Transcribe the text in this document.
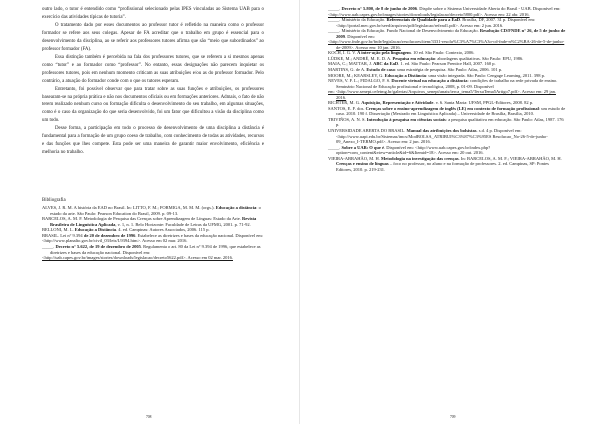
outro lado, o tutor é entendido como “profissional selecionado pelas IPES vinculadas ao Sistema UAB para o exercício das atividades típicas de tutoria”.

O tratamento dado por esses documentos ao professor tutor é refletido na maneira como o professor formador se refere aos seus colegas. Apesar de FA acreditar que o trabalho em grupo é essencial para o desenvolvimento da disciplina, ao se referir aos professores tutores afirma que são “meio que subordinados” ao professor formador (FA).

Essa distinção também é percebida na fala dos professores tutores, que se referem a si mesmos apenas como “tutor” e ao formador como “professor”. No entanto, essas designações não parecem inquietar os professores tutores, pois em nenhum momento criticam as suas atribuições e/ou as do professor formador. Pelo contrário, a atuação do formador conde com o que os tutores esperam.

Entretanto, foi possível observar que para tratar sobre as suas funções e atribuições, os professores basearam-se na própria prática e não nos documentos oficiais ou em formações anteriores. Admais, o fato de não terem realizado nenhum curso ou formação dificulta o desenvolvimento do seu trabalho, em algumas situações, como é o caso da organização do que seria desenvolvido, foi um fator que dificultou a visão da disciplina como um todo.

Desse forma, a participação em todo o processo de desenvolvimento de uma disciplina a distância é fundamental para a formação de um grupo coeso de trabalho, com conhecimento de todas as atividades, recursos e das funções que lhes compete. Esta pode ser uma maneira de garantir maior envolvimento, eficiência e melhoria no trabalho.

Bibliografia
ALVES, J. R. M. A história da EAD no Brasil. In: LITTO, F. M.; FORMIGA, M. M. M. (orgs.). Educação a distância: o estado da arte. São Paulo: Pearson Education do Brasil, 2009. p. 09-13.
BARCELOS, A. M. F. Metodologia de Pesquisa das Crenças sobre Aprendizagem de Línguas: Estado da Arte. Revista Brasileira de Linguística Aplicada, v. 1, n. 1. Belo Horizonte: Faculdade de Letras da UFMG, 2001. p. 71-92.
BELLONI, M. L. Educação a Distância. 4. ed. Campinas: Autores Associados, 2006. 115 p.
BRASIL. Lei n° 9.394 de 20 de dezembro de 1996. Estabelece as diretrizes e bases da educação nacional. Disponível em:
<http://www.planalto.gov.br/civil_03/leis/L9394.htm>. Acesso em 02 mar. 2016.
_____. Decreto n° 5.622, de 19 de dezembro de 2005. Regulamenta o art. 80 da Lei n° 9.394 de 1996, que estabelece as diretrizes e bases da educação nacional. Disponível em:
<http://uab.capes.gov.br/images/stories/downloads/legislacao/decreto5622.pdf>. Acesso em 02 mar. 2016.
708
_____. Decreto n° 5.800, de 8 de junho de 2006. Dispõe sobre o Sistema Universidade Aberta do Brasil - UAB. Disponível em:
<http://www.uab.capes.gov.br/images/stories/downloads/legislacao/decreto5800.pdf>. Acesso em: 22 abr. 2016.
_____. Ministério da Educação. Referenciais de Qualidade para a EaD. Brasília, DF, 2007. 31 p. Disponível em: <http://portal.mec.gov.br/seed/arquivos/pdf/legislacao/refead1.pdf>. Acesso em: 2 jun. 2016.
_____. Ministério da Educação. Fundo Nacional de Desenvolvimento da Educação. Resolução CD/FNDE n° 26, de 5 de junho de 2009. Disponível em:
<http://www.fnde.gov.br/fnde/legislacao/resolucoes/item/3331-resolu%C3%A7%C3%A3o-cd-fnde-n%C2%BA-26-de-5-de-junho-de-2009>. Acesso em: 10 jan. 2016.
KOCH, I. G. V. A inter-ação pela linguagem. 10 ed. São Paulo: Contexto, 2006.
LÜDKE, M.; ANDRÉ, M. E. D. A. Pesquisa em educação: abordagens qualitativas. São Paulo: EPU, 1986.
MAIA, C.; MATTAR, J. ABC da EaD. 1. ed. São Paulo: Pearson Prentice Hall, 2007. 160 p.
MARTINS, G. de A. Estudo de caso: uma estratégia de pesquisa. São Paulo: Atlas, 2006. 101 p.
MOORE, M.; KEARSLEY, G. Educação a Distância: uma visão integrada. São Paulo: Cengage Learning, 2011. 398 p.
NEVES, V. F. L.; FIDALGO, F. S. Docente virtual na educação a distância: condições de trabalho na rede privada de ensino. Seminário Nacional de Educação profissional e tecnológica, 2008, p. 01-09. Disponível
em: <http://www.senept.cefetmg.br/galerias/Arquivos_senept/anais/terca_tema5/TerxaTema5Artigo7.pdf>. Acesso em: 29 jan. 2016.
RICHTER, M. G. Aquisição, Representação e Atividade. v. 6. Santa Maria: UFSM, PPGL-Editores, 2008. 82 p.
SANTOS, E. F. dos. Crenças sobre o ensino-aprendizagem de inglês (LE) em contexto de formação profissional: um estudo de caso. 2010. 190 f. Dissertação (Mestrado em Linguística Aplicada) – Universidade de Brasília, Brasília, 2010.
TRIVIÑOS, A. N. S. Introdução à pesquisa em ciências sociais: a pesquisa qualitativa em educação. São Paulo: Atlas, 1987. 176 p.
UNIVERSIDADE ABERTA DO BRASIL. Manual das atribuições dos bolsistas. s.d. 4 p. Disponível em: <http://www.uapi.edu.br/Sistemas/imcs/ModBOLSA_ATRIBUI%C3%87%C3%95ES Resolucao_No-26-5-de-junho-09_Anexo_I-TERMO.pdf>. Acesso em: 2 jun. 2016.
_____. Sobre a UAB: O que é. Disponível em: <http://www.uab.capes.gov.br/index.php?option=com_content&view=article&id=6&Itemid=18>. Acesso em: 20 out. 2016.
VIEIRA-ABRAHÃO, M. H. Metodologia na investigação das crenças. In: BARCELOS, A. M. F.; VIEIRA-ABRAHÃO, M. H. Crenças e ensino de línguas – foco no professor, no aluno e na formação de professores. 2. ed. Campinas, SP: Pontes Editores, 2010. p. 219-231.
709
